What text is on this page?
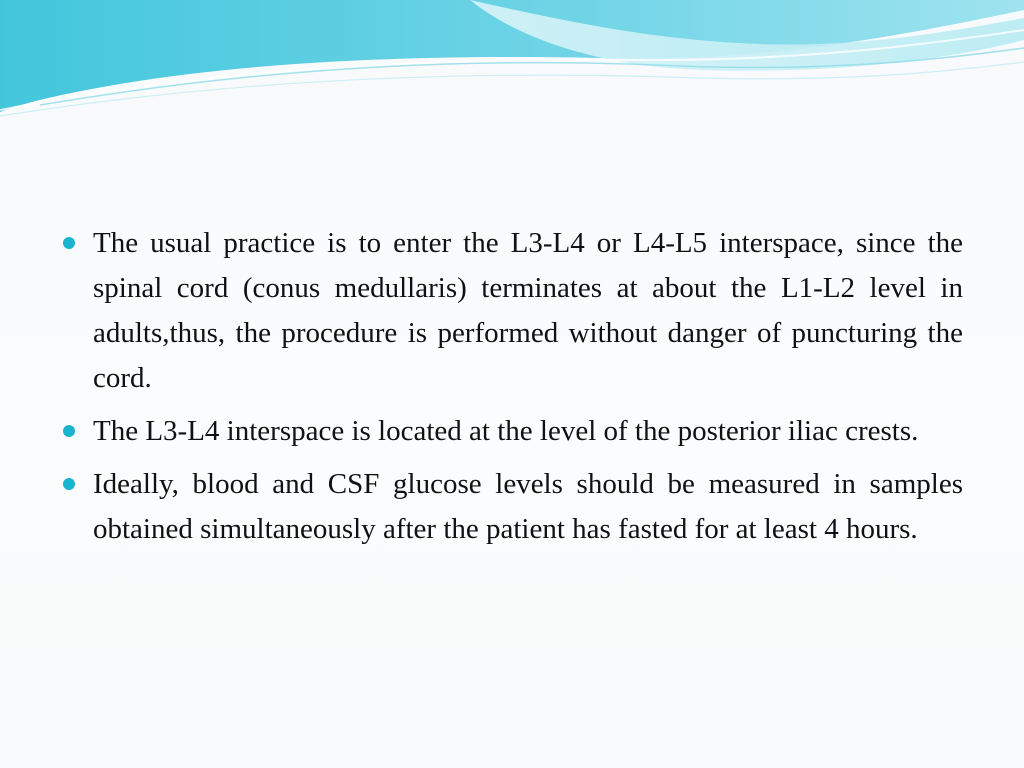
The usual practice is to enter the L3-L4 or L4-L5 interspace, since the spinal cord (conus medullaris) terminates at about the L1-L2 level in adults,thus, the procedure is performed without danger of puncturing the cord.
The L3-L4 interspace is located at the level of the posterior iliac crests.
Ideally, blood and CSF glucose levels should be measured in samples obtained simultaneously after the patient has fasted for at least 4 hours.
